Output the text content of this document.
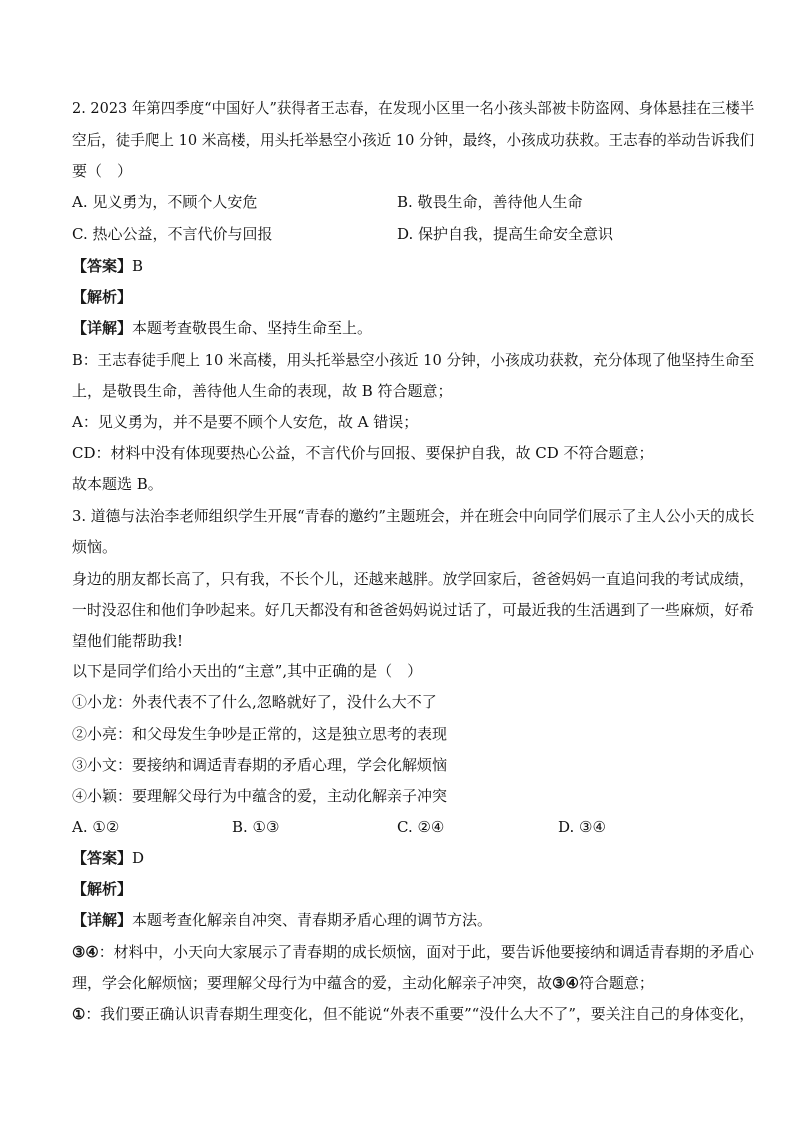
2. 2023 年第四季度“中国好人”获得者王志春，在发现小区里一名小孩头部被卡防盗网、身体悬挂在三楼半
空后，徒手爬上 10 米高楼，用头托举悬空小孩近 10 分钟，最终，小孩成功获救。王志春的举动告诉我们
要（　）
A. 见义勇为，不顾个人安危	B. 敬畏生命，善待他人生命
C. 热心公益，不言代价与回报	D. 保护自我，提高生命安全意识
【答案】B
【解析】
【详解】本题考查敬畏生命、坚持生命至上。
B：王志春徒手爬上 10 米高楼，用头托举悬空小孩近 10 分钟，小孩成功获救，充分体现了他坚持生命至
上，是敬畏生命，善待他人生命的表现，故 B 符合题意；
A：见义勇为，并不是要不顾个人安危，故 A 错误；
CD：材料中没有体现要热心公益，不言代价与回报、要保护自我，故 CD 不符合题意；
故本题选 B。
3. 道德与法治李老师组织学生开展“青春的邀约”主题班会，并在班会中向同学们展示了主人公小天的成长
烦恼。
身边的朋友都长高了，只有我，不长个儿，还越来越胖。放学回家后，爸爸妈妈一直追问我的考试成绩，
一时没忍住和他们争吵起来。好几天都没有和爸爸妈妈说过话了，可最近我的生活遇到了一些麻烦，好希
望他们能帮助我!
以下是同学们给小天出的“主意”,其中正确的是（　）
①小龙：外表代表不了什么,忽略就好了，没什么大不了
②小亮：和父母发生争吵是正常的，这是独立思考的表现
③小文：要接纳和调适青春期的矛盾心理，学会化解烦恼
④小颖：要理解父母行为中蕴含的爱，主动化解亲子冲突
A. ①②	B. ①③	C. ②④	D. ③④
【答案】D
【解析】
【详解】本题考查化解亲自冲突、青春期矛盾心理的调节方法。
③④：材料中，小天向大家展示了青春期的成长烦恼，面对于此，要告诉他要接纳和调适青春期的矛盾心
理，学会化解烦恼；要理解父母行为中蕴含的爱，主动化解亲子冲突，故③④符合题意；
①：我们要正确认识青春期生理变化，但不能说“外表不重要”“没什么大不了”，要关注自己的身体变化，
